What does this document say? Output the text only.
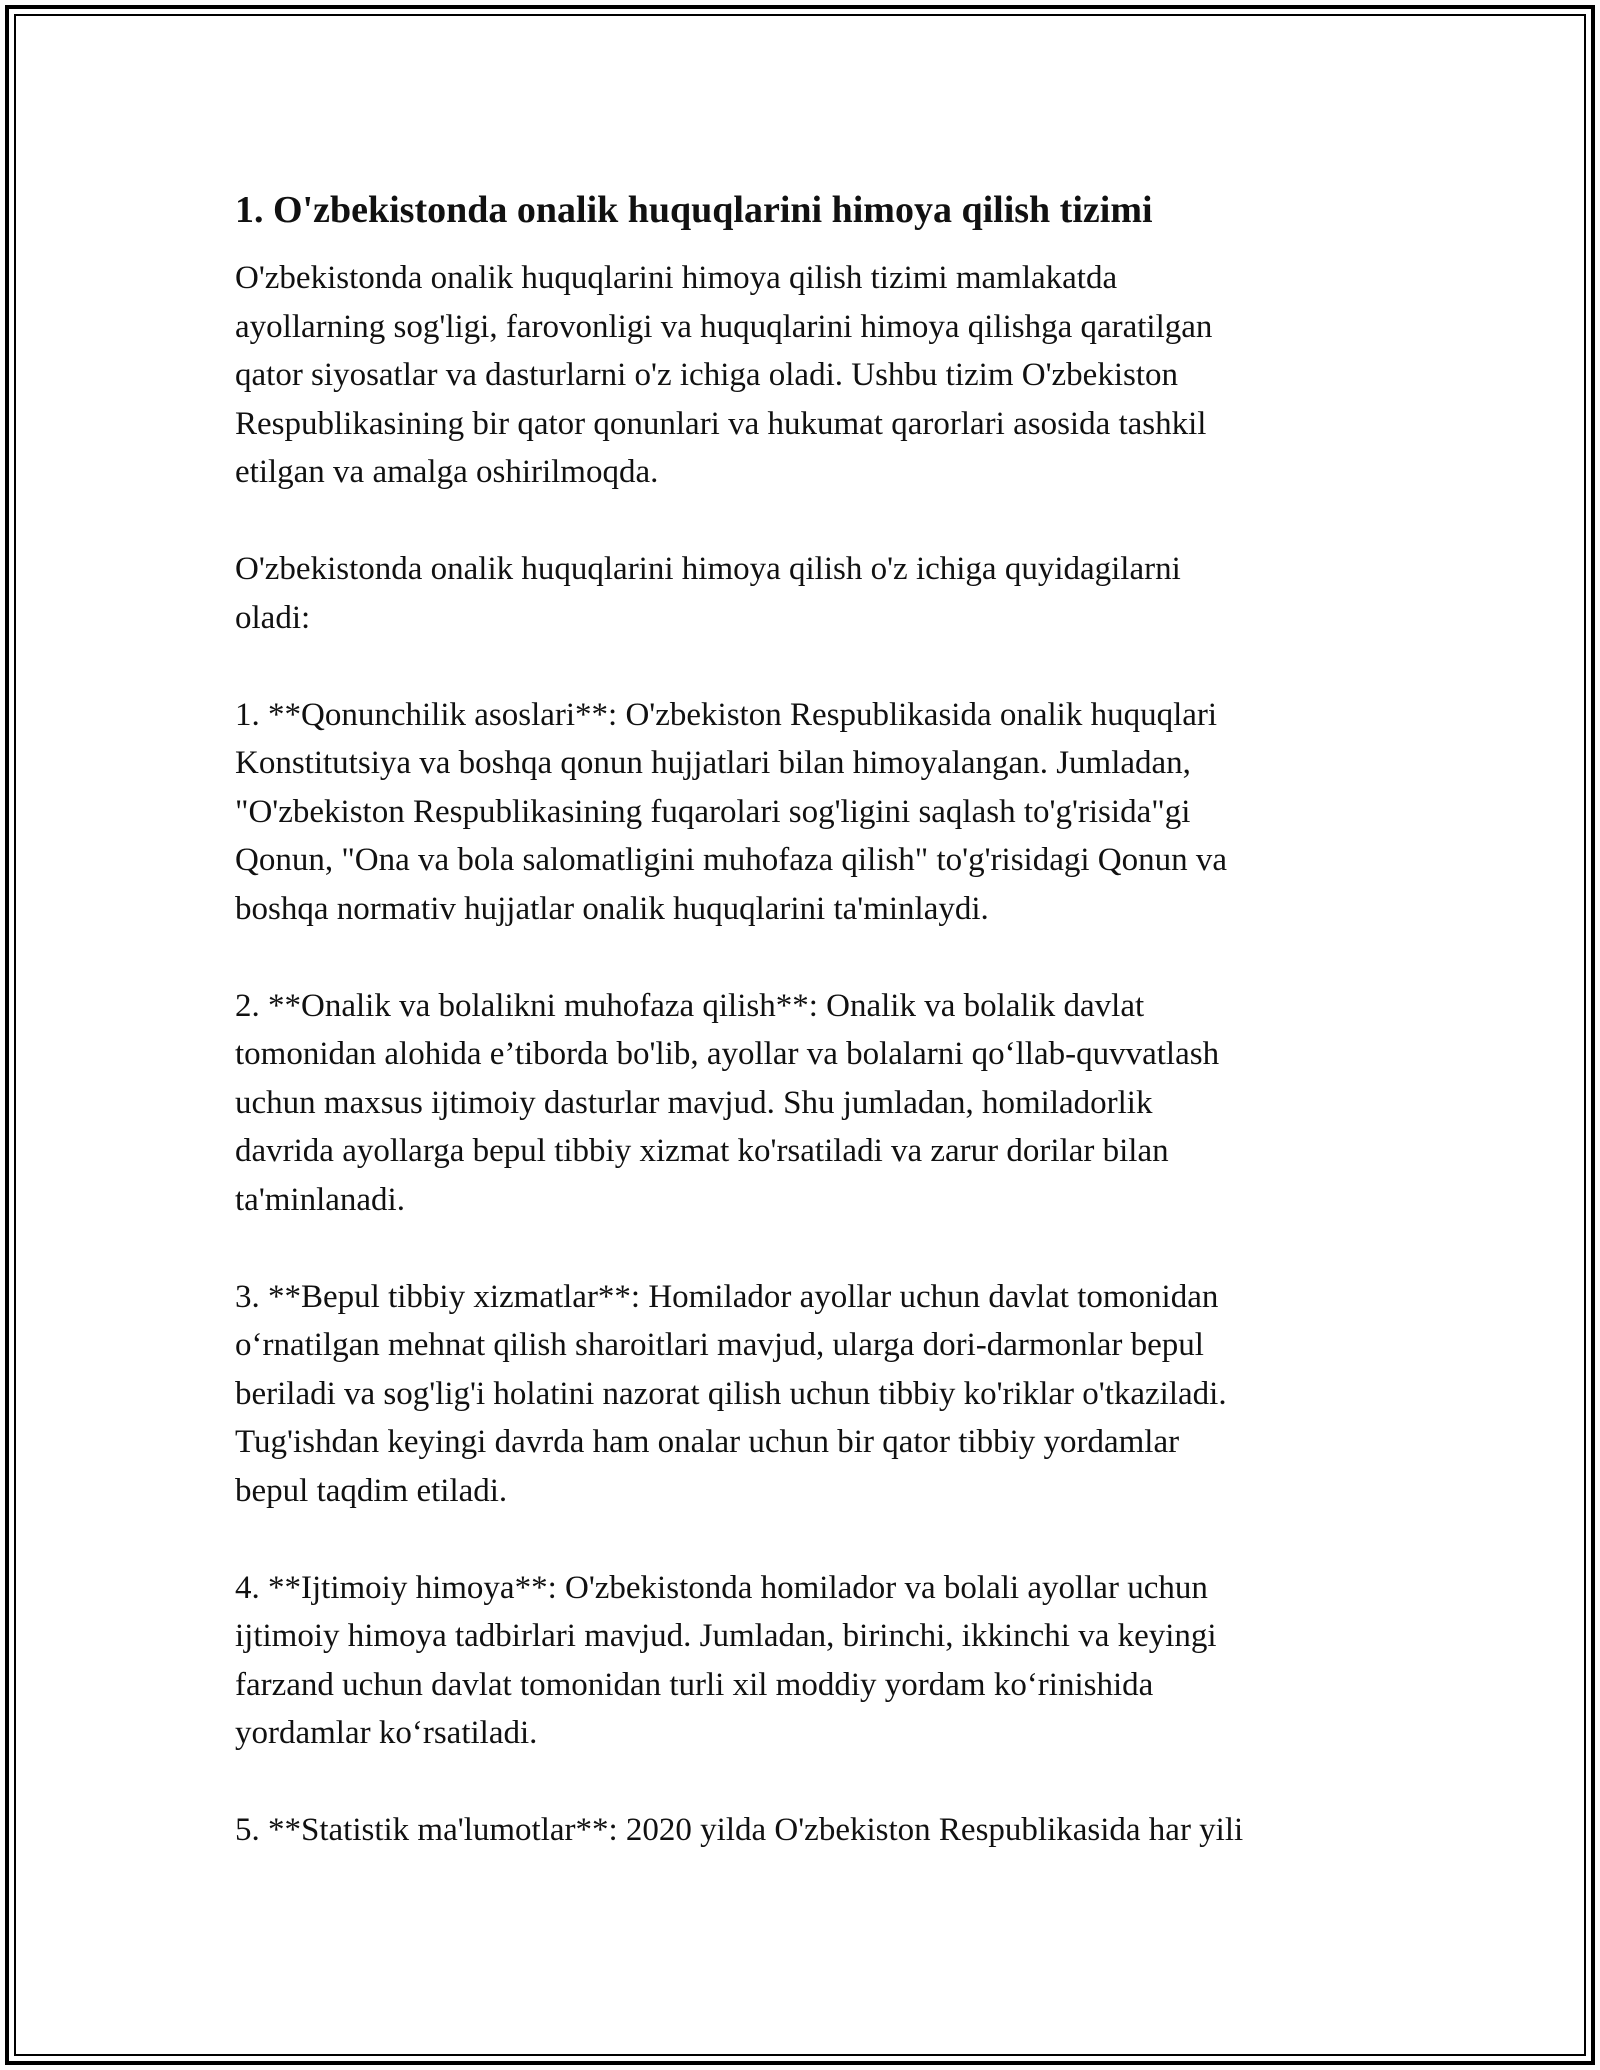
1. O'zbekistonda onalik huquqlarini himoya qilish tizimi

O'zbekistonda onalik huquqlarini himoya qilish tizimi mamlakatda
ayollarning sog'ligi, farovonligi va huquqlarini himoya qilishga qaratilgan
qator siyosatlar va dasturlarni o'z ichiga oladi. Ushbu tizim O'zbekiston
Respublikasining bir qator qonunlari va hukumat qarorlari asosida tashkil
etilgan va amalga oshirilmoqda.

O'zbekistonda onalik huquqlarini himoya qilish o'z ichiga quyidagilarni
oladi:

1. **Qonunchilik asoslari**: O'zbekiston Respublikasida onalik huquqlari
Konstitutsiya va boshqa qonun hujjatlari bilan himoyalangan. Jumladan,
"O'zbekiston Respublikasining fuqarolari sog'ligini saqlash to'g'risida"gi
Qonun, "Ona va bola salomatligini muhofaza qilish" to'g'risidagi Qonun va
boshqa normativ hujjatlar onalik huquqlarini ta'minlaydi.

2. **Onalik va bolalikni muhofaza qilish**: Onalik va bolalik davlat
tomonidan alohida e’tiborda bo'lib, ayollar va bolalarni qo‘llab-quvvatlash
uchun maxsus ijtimoiy dasturlar mavjud. Shu jumladan, homiladorlik
davrida ayollarga bepul tibbiy xizmat ko'rsatiladi va zarur dorilar bilan
ta'minlanadi.

3. **Bepul tibbiy xizmatlar**: Homilador ayollar uchun davlat tomonidan
o‘rnatilgan mehnat qilish sharoitlari mavjud, ularga dori-darmonlar bepul
beriladi va sog'lig'i holatini nazorat qilish uchun tibbiy ko'riklar o'tkaziladi.
Tug'ishdan keyingi davrda ham onalar uchun bir qator tibbiy yordamlar
bepul taqdim etiladi.

4. **Ijtimoiy himoya**: O'zbekistonda homilador va bolali ayollar uchun
ijtimoiy himoya tadbirlari mavjud. Jumladan, birinchi, ikkinchi va keyingi
farzand uchun davlat tomonidan turli xil moddiy yordam ko‘rinishida
yordamlar ko‘rsatiladi.

5. **Statistik ma'lumotlar**: 2020 yilda O'zbekiston Respublikasida har yili
